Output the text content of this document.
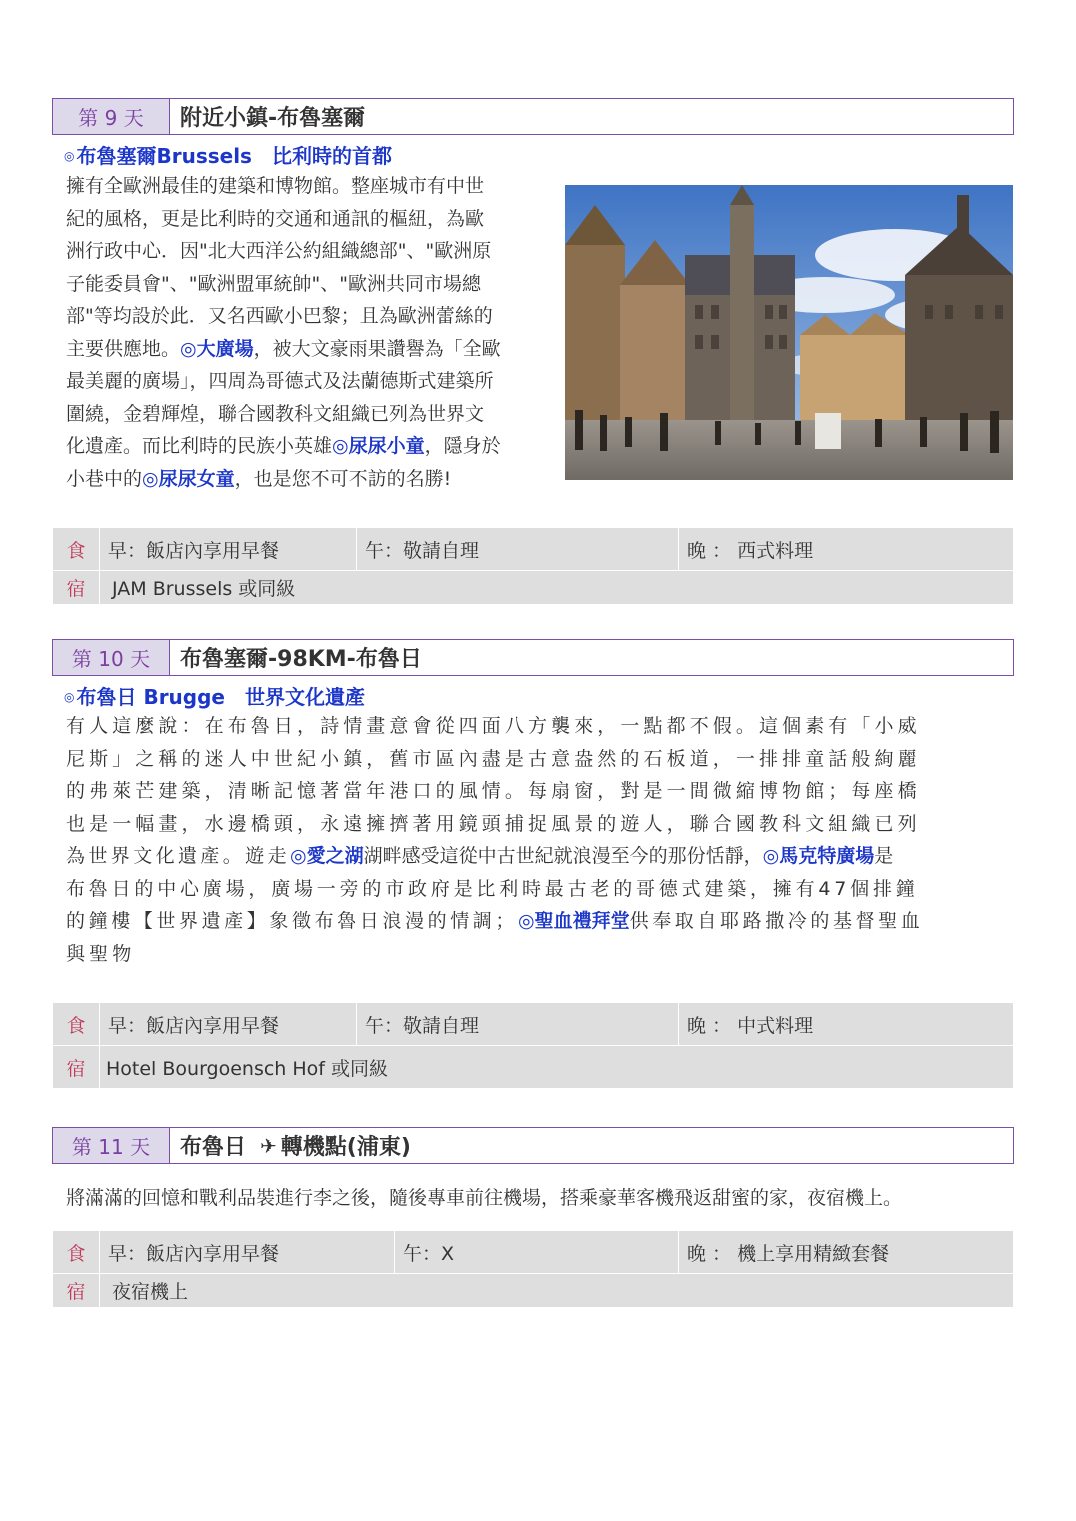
第 9 天	附近小鎮-布魯塞爾
◎ 布魯塞爾Brussels　比利時的首都
擁有全歐洲最佳的建築和博物館。整座城市有中世
紀的風格，更是比利時的交通和通訊的樞紐，為歐
洲行政中心．因"北大西洋公約組織總部"、"歐洲原
子能委員會"、"歐洲盟軍統帥"、"歐洲共同市場總
部"等均設於此．又名西歐小巴黎；且為歐洲蕾絲的
主要供應地。◎大廣場，被大文豪雨果讚譽為「全歐
最美麗的廣場」，四周為哥德式及法蘭德斯式建築所
圍繞，金碧輝煌，聯合國教科文組織已列為世界文
化遺產。而比利時的民族小英雄◎尿尿小童，隱身於
小巷中的◎尿尿女童，也是您不可不訪的名勝!
食	早：飯店內享用早餐	午：敬請自理	晚 ： 西式料理
宿	JAM Brussels 或同級		
第 10 天	布魯塞爾-98KM-布魯日
◎ 布魯日 Brugge　世界文化遺產
有人這麼說：在布魯日，詩情畫意會從四面八方襲來，一點都不假。這個素有「小威
尼斯」之稱的迷人中世紀小鎮，舊市區內盡是古意盎然的石板道，一排排童話般絢麗
的弗萊芒建築，清晰記憶著當年港口的風情。每扇窗，對是一間微縮博物館；每座橋
也是一幅畫，水邊橋頭，永遠擁擠著用鏡頭捕捉風景的遊人，聯合國教科文組織已列
為世界文化遺產。遊走◎愛之湖湖畔感受這從中古世紀就浪漫至今的那份恬靜，◎馬克特廣場是
布魯日的中心廣場，廣場一旁的市政府是比利時最古老的哥德式建築，擁有47個排鐘
的鐘樓【世界遺產】象徵布魯日浪漫的情調；◎聖血禮拜堂供奉取自耶路撒冷的基督聖血
與聖物
食	早：飯店內享用早餐	午：敬請自理	晚 ： 中式料理
宿	Hotel Bourgoensch Hof 或同級		
第 11 天	布魯日 ✈ 轉機點(浦東)
將滿滿的回憶和戰利品裝進行李之後，隨後專車前往機場，搭乘豪華客機飛返甜蜜的家，夜宿機上。
食	早：飯店內享用早餐	午：X	晚 ： 機上享用精緻套餐
宿	夜宿機上		
